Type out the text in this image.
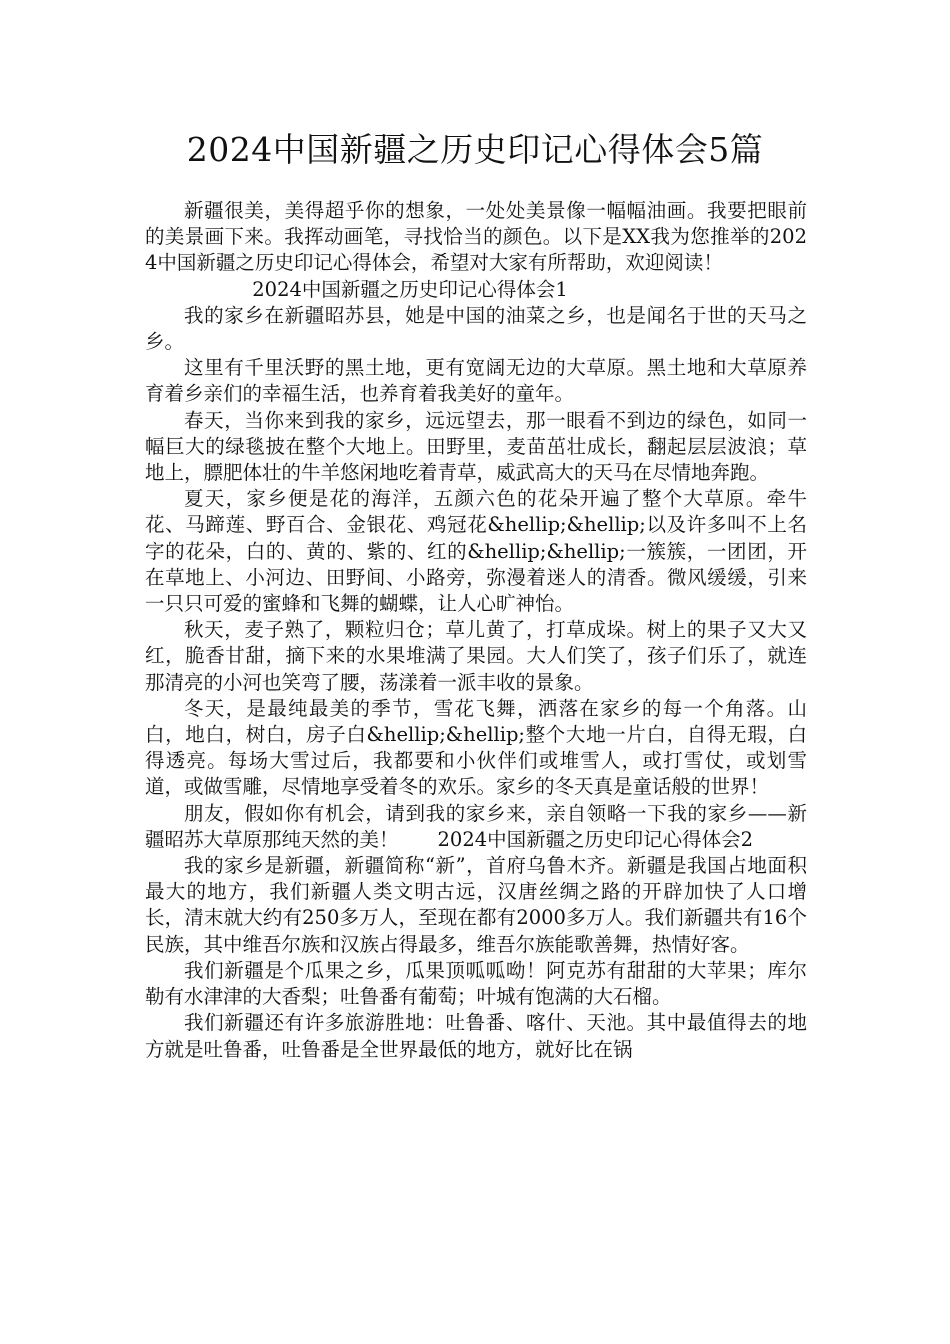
2024中国新疆之历史印记心得体会5篇

新疆很美，美得超乎你的想象，一处处美景像一幅幅油画。我要把眼前的美景画下来。我挥动画笔，寻找恰当的颜色。以下是XX我为您推举的2024中国新疆之历史印记心得体会，希望对大家有所帮助，欢迎阅读！

2024中国新疆之历史印记心得体会1

我的家乡在新疆昭苏县，她是中国的油菜之乡，也是闻名于世的天马之乡。

这里有千里沃野的黑土地，更有宽阔无边的大草原。黑土地和大草原养育着乡亲们的幸福生活，也养育着我美好的童年。

春天，当你来到我的家乡，远远望去，那一眼看不到边的绿色，如同一幅巨大的绿毯披在整个大地上。田野里，麦苗茁壮成长，翻起层层波浪；草地上，膘肥体壮的牛羊悠闲地吃着青草，威武高大的天马在尽情地奔跑。

夏天，家乡便是花的海洋，五颜六色的花朵开遍了整个大草原。牵牛花、马蹄莲、野百合、金银花、鸡冠花&hellip;&hellip;以及许多叫不上名字的花朵，白的、黄的、紫的、红的&hellip;&hellip;一簇簇，一团团，开在草地上、小河边、田野间、小路旁，弥漫着迷人的清香。微风缓缓，引来一只只可爱的蜜蜂和飞舞的蝴蝶，让人心旷神怡。

秋天，麦子熟了，颗粒归仓；草儿黄了，打草成垛。树上的果子又大又红，脆香甘甜，摘下来的水果堆满了果园。大人们笑了，孩子们乐了，就连那清亮的小河也笑弯了腰，荡漾着一派丰收的景象。

冬天，是最纯最美的季节，雪花飞舞，洒落在家乡的每一个角落。山白，地白，树白，房子白&hellip;&hellip;整个大地一片白，自得无瑕，白得透亮。每场大雪过后，我都要和小伙伴们或堆雪人，或打雪仗，或划雪道，或做雪雕，尽情地享受着冬的欢乐。家乡的冬天真是童话般的世界！

朋友，假如你有机会，请到我的家乡来，亲自领略一下我的家乡——新疆昭苏大草原那纯天然的美！　　2024中国新疆之历史印记心得体会2

我的家乡是新疆，新疆简称“新”，首府乌鲁木齐。新疆是我国占地面积最大的地方，我们新疆人类文明古远，汉唐丝绸之路的开辟加快了人口增长，清末就大约有250多万人，至现在都有2000多万人。我们新疆共有16个民族，其中维吾尔族和汉族占得最多，维吾尔族能歌善舞，热情好客。

我们新疆是个瓜果之乡，瓜果顶呱呱呦！阿克苏有甜甜的大苹果；库尔勒有水津津的大香梨；吐鲁番有葡萄；叶城有饱满的大石榴。

我们新疆还有许多旅游胜地：吐鲁番、喀什、天池。其中最值得去的地方就是吐鲁番，吐鲁番是全世界最低的地方，就好比在锅
